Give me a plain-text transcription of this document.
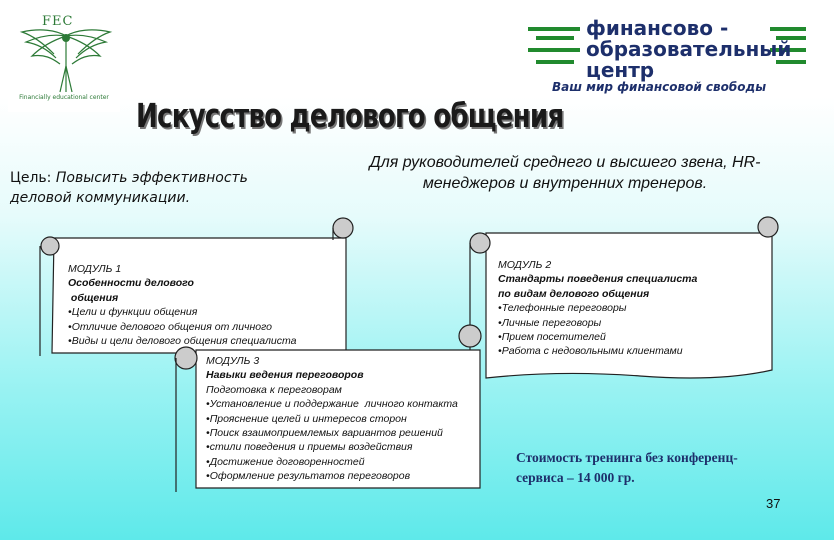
FEC
Financially educational center
финансово -
образовательный
центр
Ваш мир финансовой свободы
Искусство делового общения
Цель: Повысить эффективность деловой коммуникации.
Для руководителей среднего и высшего звена, HR-менеджеров и внутренних тренеров.
МОДУЛЬ 1
Особенности делового
общения
• Цели и функции общения
• Отличие делового общения от личного
• Виды и цели делового общения специалиста
МОДУЛЬ 2
Стандарты поведения специалиста
по видам делового общения
• Телефонные переговоры
• Личные переговоры
• Прием посетителей
• Работа с недовольными клиентами
МОДУЛЬ 3
Навыки ведения переговоров
Подготовка к переговорам
• Установление и поддержание  личного контакта
• Прояснение целей и интересов сторон
• Поиск взаимоприемлемых вариантов решений
• стили поведения и приемы воздействия
• Достижение договоренностей
• Оформление результатов переговоров
Стоимость тренинга без конференц-
сервиса – 14 000 гр.
37
